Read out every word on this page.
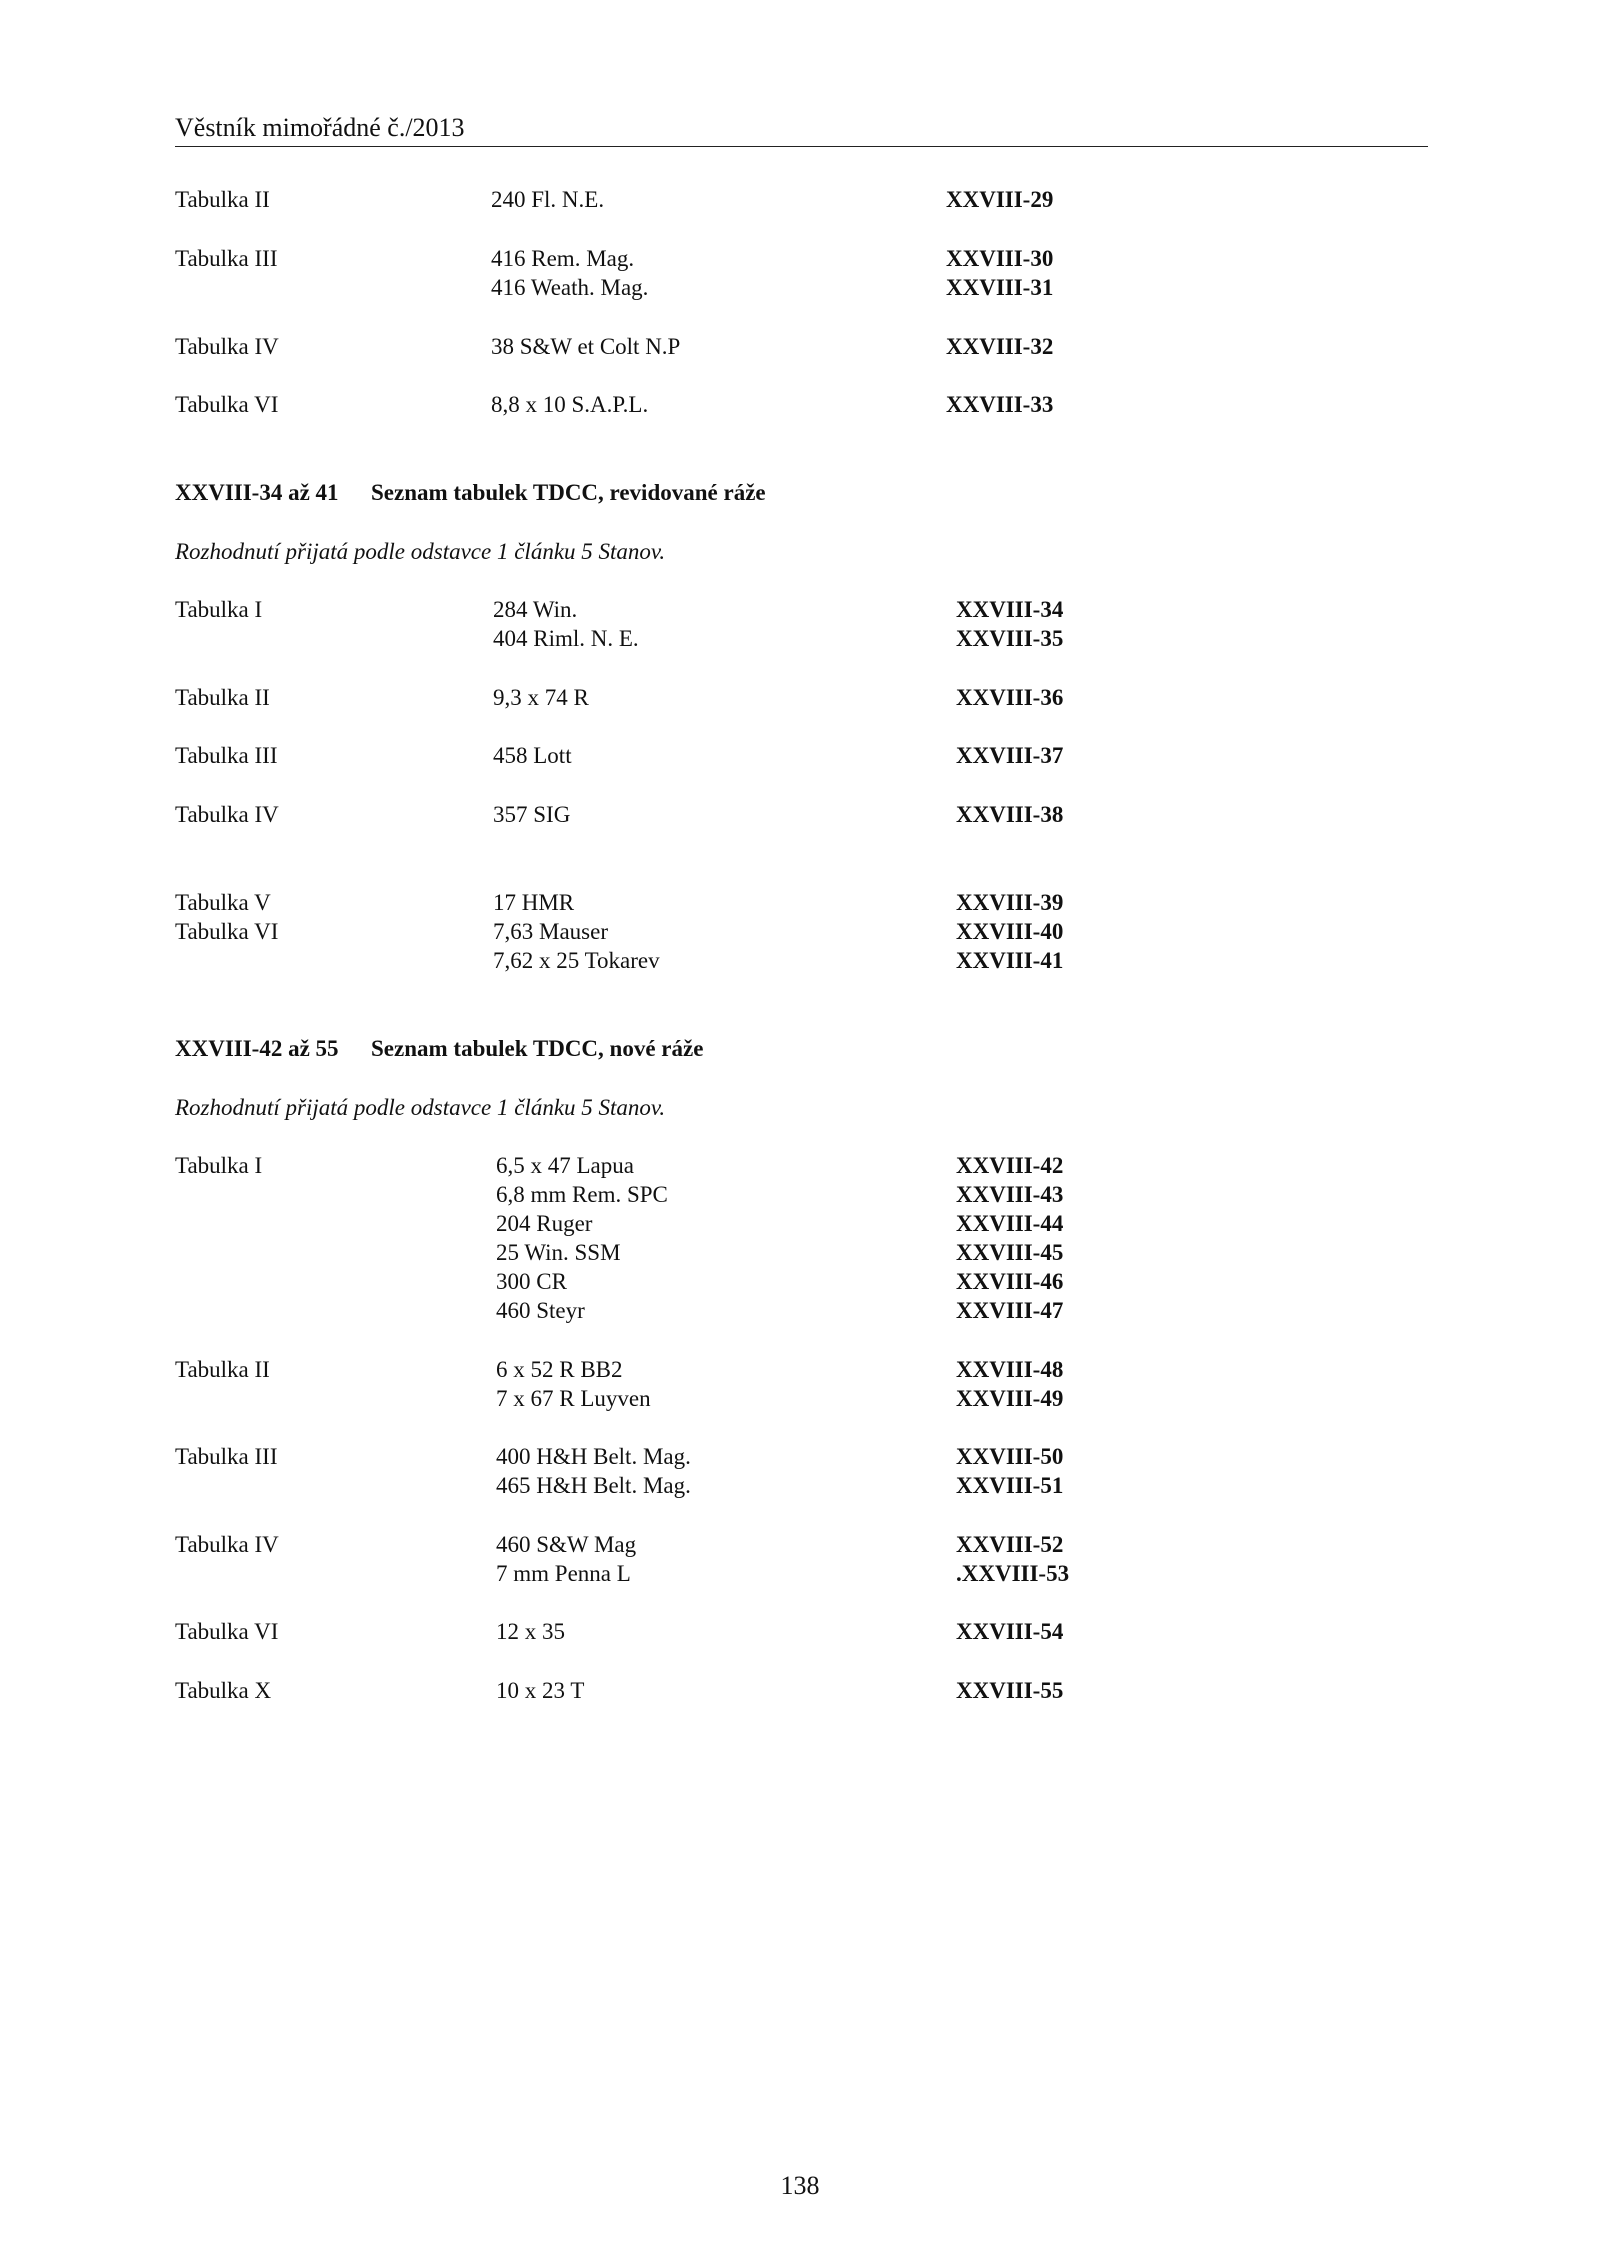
Věstník mimořádné č./2013
Tabulka II	240 Fl. N.E.	XXVIII-29
Tabulka III	416 Rem. Mag.	XXVIII-30
416 Weath. Mag.	XXVIII-31
Tabulka IV	38 S&W et Colt N.P	XXVIII-32
Tabulka VI	8,8 x 10 S.A.P.L.	XXVIII-33
XXVIII-34 až 41 Seznam tabulek TDCC, revidované ráže
Rozhodnutí přijatá podle odstavce 1 článku 5 Stanov.
Tabulka I	284 Win.	XXVIII-34
404 Riml. N. E.	XXVIII-35
Tabulka II	9,3 x 74 R	XXVIII-36
Tabulka III	458 Lott	XXVIII-37
Tabulka IV	357 SIG	XXVIII-38
Tabulka V	17 HMR	XXVIII-39
Tabulka VI	7,63 Mauser	XXVIII-40
7,62 x 25 Tokarev	XXVIII-41
XXVIII-42 až 55 Seznam tabulek TDCC, nové ráže
Rozhodnutí přijatá podle odstavce 1 článku 5 Stanov.
Tabulka I	6,5 x 47 Lapua	XXVIII-42
6,8 mm Rem. SPC	XXVIII-43
204 Ruger	XXVIII-44
25 Win. SSM	XXVIII-45
300 CR	XXVIII-46
460 Steyr	XXVIII-47
Tabulka II	6 x 52 R BB2	XXVIII-48
7 x 67 R Luyven	XXVIII-49
Tabulka III	400 H&H Belt. Mag.	XXVIII-50
465 H&H Belt. Mag.	XXVIII-51
Tabulka IV	460 S&W Mag	XXVIII-52
7 mm Penna L	.XXVIII-53
Tabulka VI	12 x 35	XXVIII-54
Tabulka X	10 x 23 T	XXVIII-55
138
